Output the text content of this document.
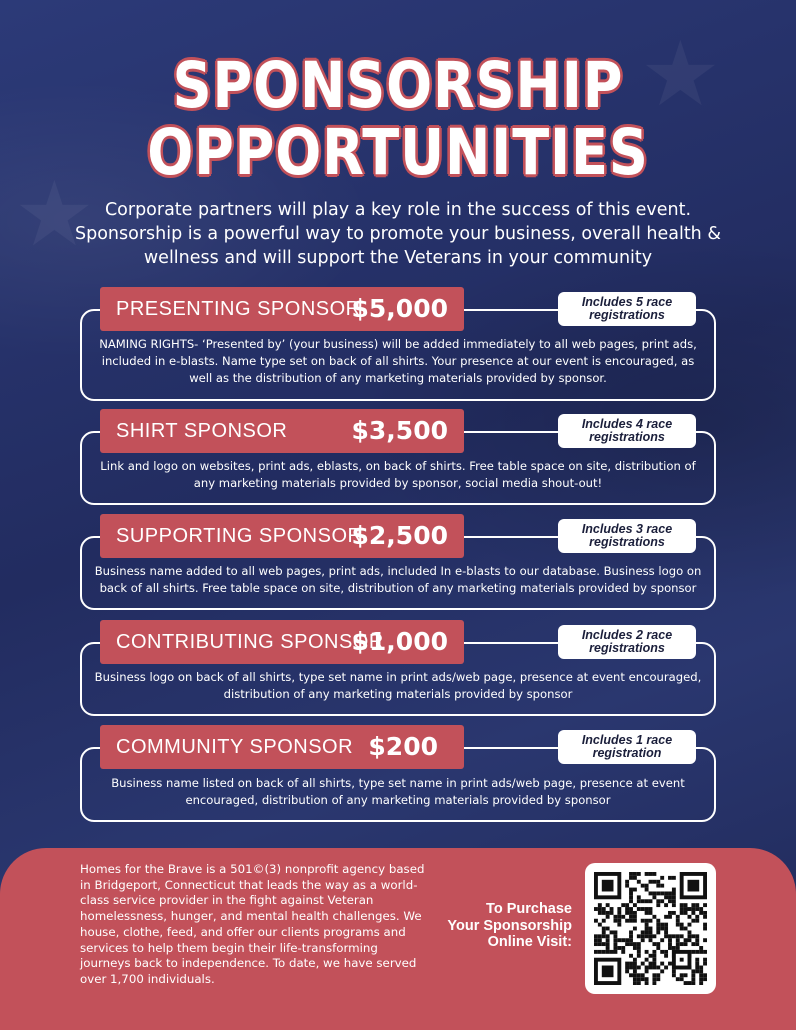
★
★
SPONSORSHIP
OPPORTUNITIES
Corporate partners will play a key role in the success of this event. Sponsorship is a powerful way to promote your business, overall health & wellness and will support the Veterans in your community
PRESENTING SPONSOR
$5,000	Includes 5 race
registrations
NAMING RIGHTS- ‘Presented by’ (your business) will be added immediately to all web pages, print ads, included in e-blasts. Name type set on back of all shirts. Your presence at our event is encouraged, as well as the distribution of any marketing materials provided by sponsor.
SHIRT SPONSOR	$3,500	Includes 4 race
registrations
Link and logo on websites, print ads, eblasts, on back of shirts. Free table space on site, distribution of any marketing materials provided by sponsor, social media shout-out!
SUPPORTING SPONSOR
$2,500	Includes 3 race
registrations
Business name added to all web pages, print ads, included In e-blasts to our database. Business logo on back of all shirts. Free table space on site, distribution of any marketing materials provided by sponsor
CONTRIBUTING SPONSOR
$1,000	Includes 2 race
registrations
Business logo on back of all shirts, type set name in print ads/web page, presence at event encouraged, distribution of any marketing materials provided by sponsor
COMMUNITY SPONSOR $200	Includes 1 race
registration
Business name listed on back of all shirts, type set name in print ads/web page, presence at event encouraged, distribution of any marketing materials provided by sponsor
Homes for the Brave is a 501©(3) nonprofit agency based in Bridgeport, Connecticut that leads the way as a world-class service provider in the fight against Veteran homelessness, hunger, and mental health challenges. We house, clothe, feed, and offer our clients programs and services to help them begin their life-transforming journeys back to independence. To date, we have served over 1,700 individuals.
To Purchase
Your Sponsorship
Online Visit:
